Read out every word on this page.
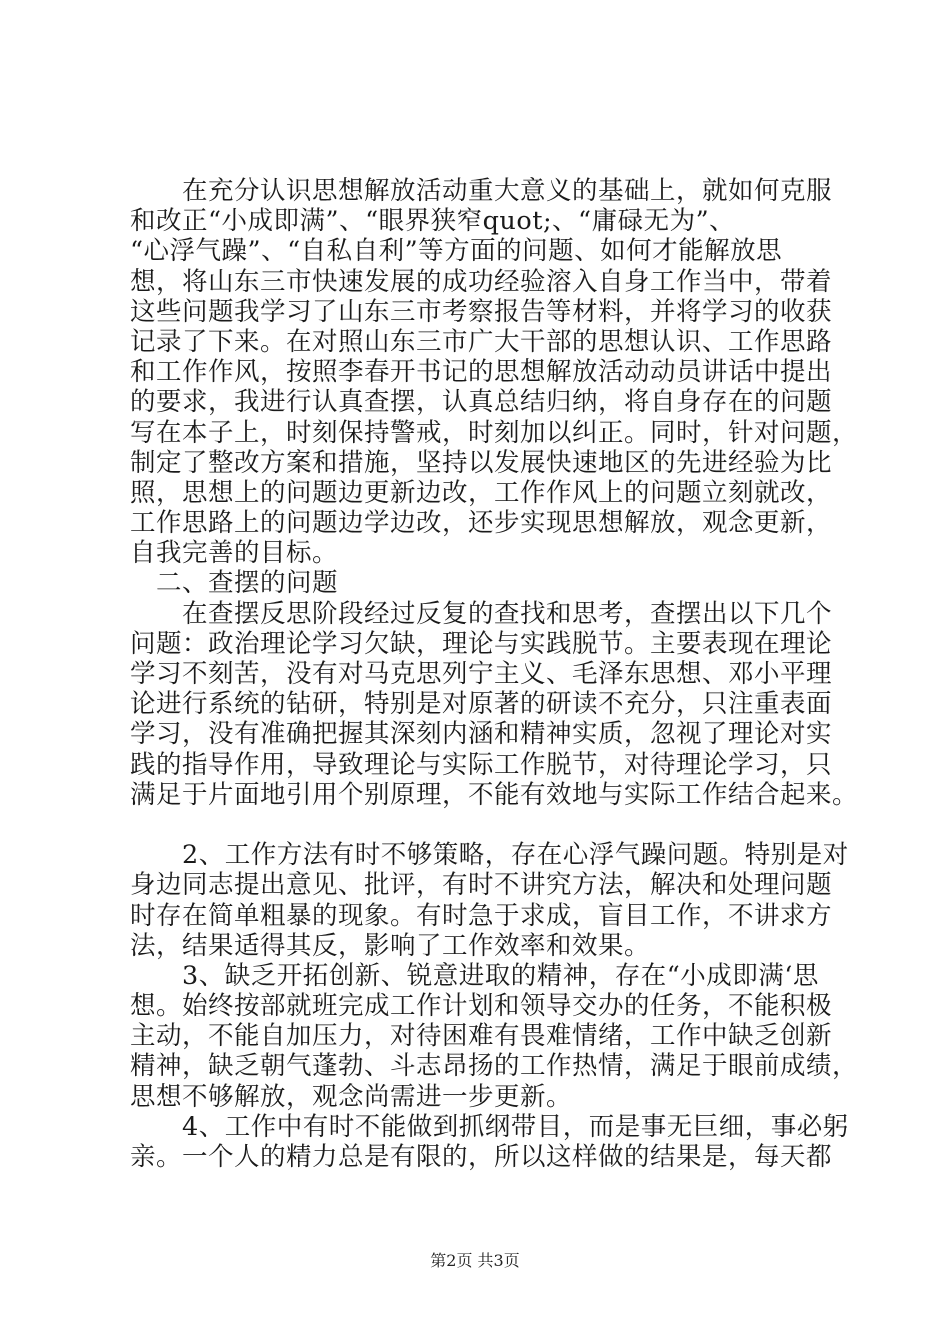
在充分认识思想解放活动重大意义的基础上，就如何克服
和改正“小成即满”、“眼界狭窄quot;、“庸碌无为”、
“心浮气躁”、“自私自利”等方面的问题、如何才能解放思
想，将山东三市快速发展的成功经验溶入自身工作当中，带着
这些问题我学习了山东三市考察报告等材料，并将学习的收获
记录了下来。在对照山东三市广大干部的思想认识、工作思路
和工作作风，按照李春开书记的思想解放活动动员讲话中提出
的要求，我进行认真查摆，认真总结归纳，将自身存在的问题
写在本子上，时刻保持警戒，时刻加以纠正。同时，针对问题，
制定了整改方案和措施，坚持以发展快速地区的先进经验为比
照，思想上的问题边更新边改，工作作风上的问题立刻就改，
工作思路上的问题边学边改，还步实现思想解放，观念更新，
自我完善的目标。
二、查摆的问题
在查摆反思阶段经过反复的查找和思考，查摆出以下几个
问题：政治理论学习欠缺，理论与实践脱节。主要表现在理论
学习不刻苦，没有对马克思列宁主义、毛泽东思想、邓小平理
论进行系统的钻研，特别是对原著的研读不充分，只注重表面
学习，没有准确把握其深刻内涵和精神实质，忽视了理论对实
践的指导作用，导致理论与实际工作脱节，对待理论学习，只
满足于片面地引用个别原理，不能有效地与实际工作结合起来。
2、工作方法有时不够策略，存在心浮气躁问题。特别是对
身边同志提出意见、批评，有时不讲究方法，解决和处理问题
时存在简单粗暴的现象。有时急于求成，盲目工作，不讲求方
法，结果适得其反，影响了工作效率和效果。
3、缺乏开拓创新、锐意进取的精神，存在“小成即满‘思
想。始终按部就班完成工作计划和领导交办的任务，不能积极
主动，不能自加压力，对待困难有畏难情绪，工作中缺乏创新
精神，缺乏朝气蓬勃、斗志昂扬的工作热情，满足于眼前成绩，
思想不够解放，观念尚需进一步更新。
4、工作中有时不能做到抓纲带目，而是事无巨细，事必躬
亲。一个人的精力总是有限的，所以这样做的结果是，每天都
第2页 共3页
